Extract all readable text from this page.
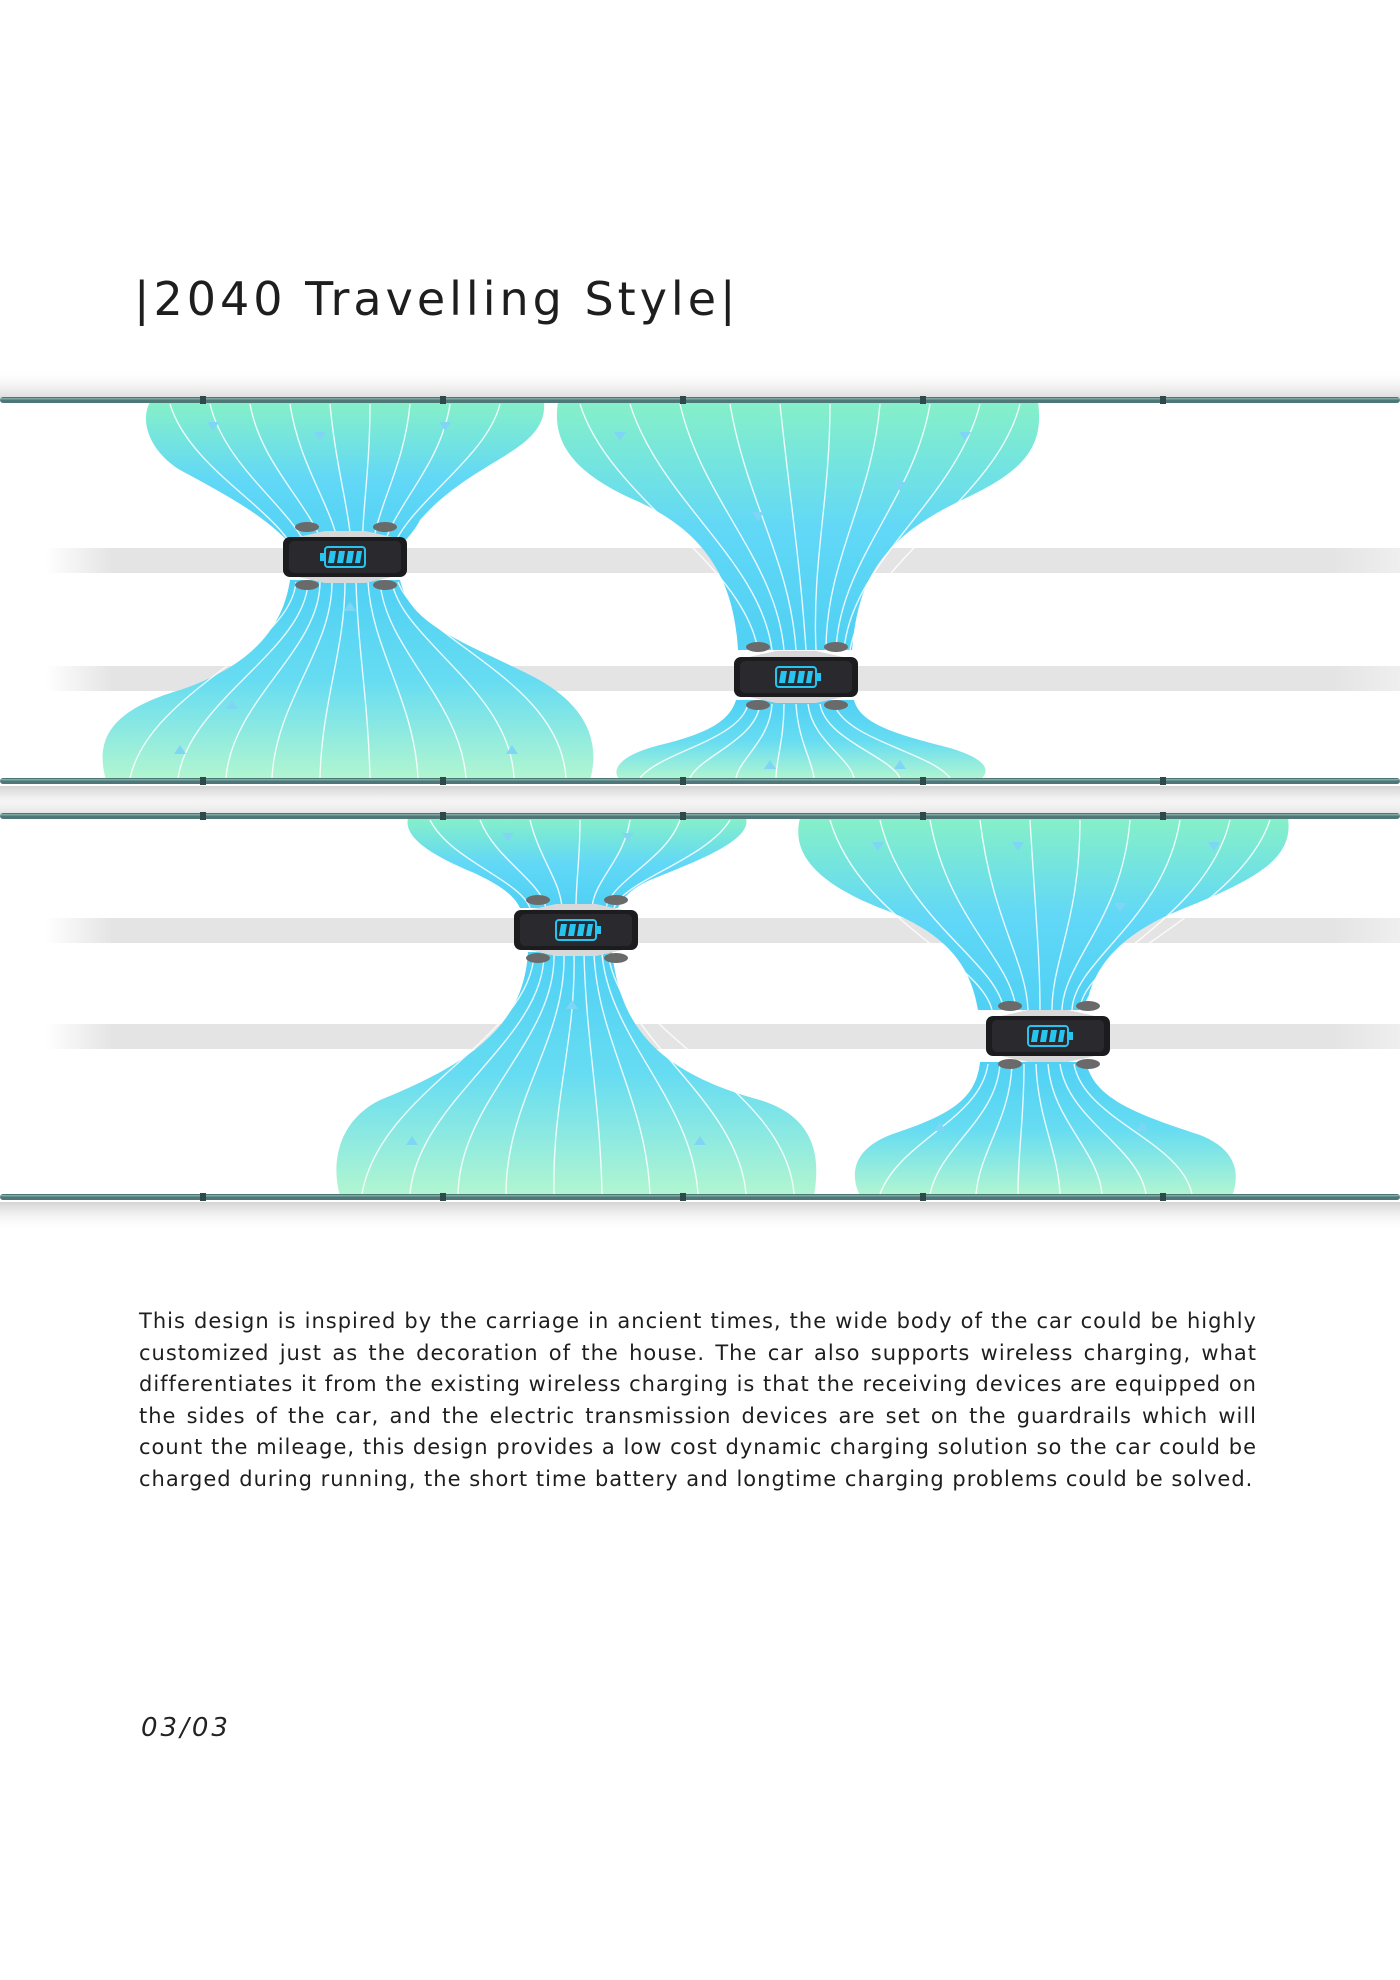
|2040 Travelling Style|

This design is inspired by the carriage in ancient times, the wide body of the car could be highly customized just as the decoration of the house. The car also supports wireless charging, what differentiates it from the existing wireless charging is that the receiving devices are equipped on the sides of the car, and the electric transmission devices are set on the guardrails which will count the mileage, this design provides a low cost dynamic charging solution so the car could be charged during running, the short time battery and longtime charging problems could be solved.

03/03
